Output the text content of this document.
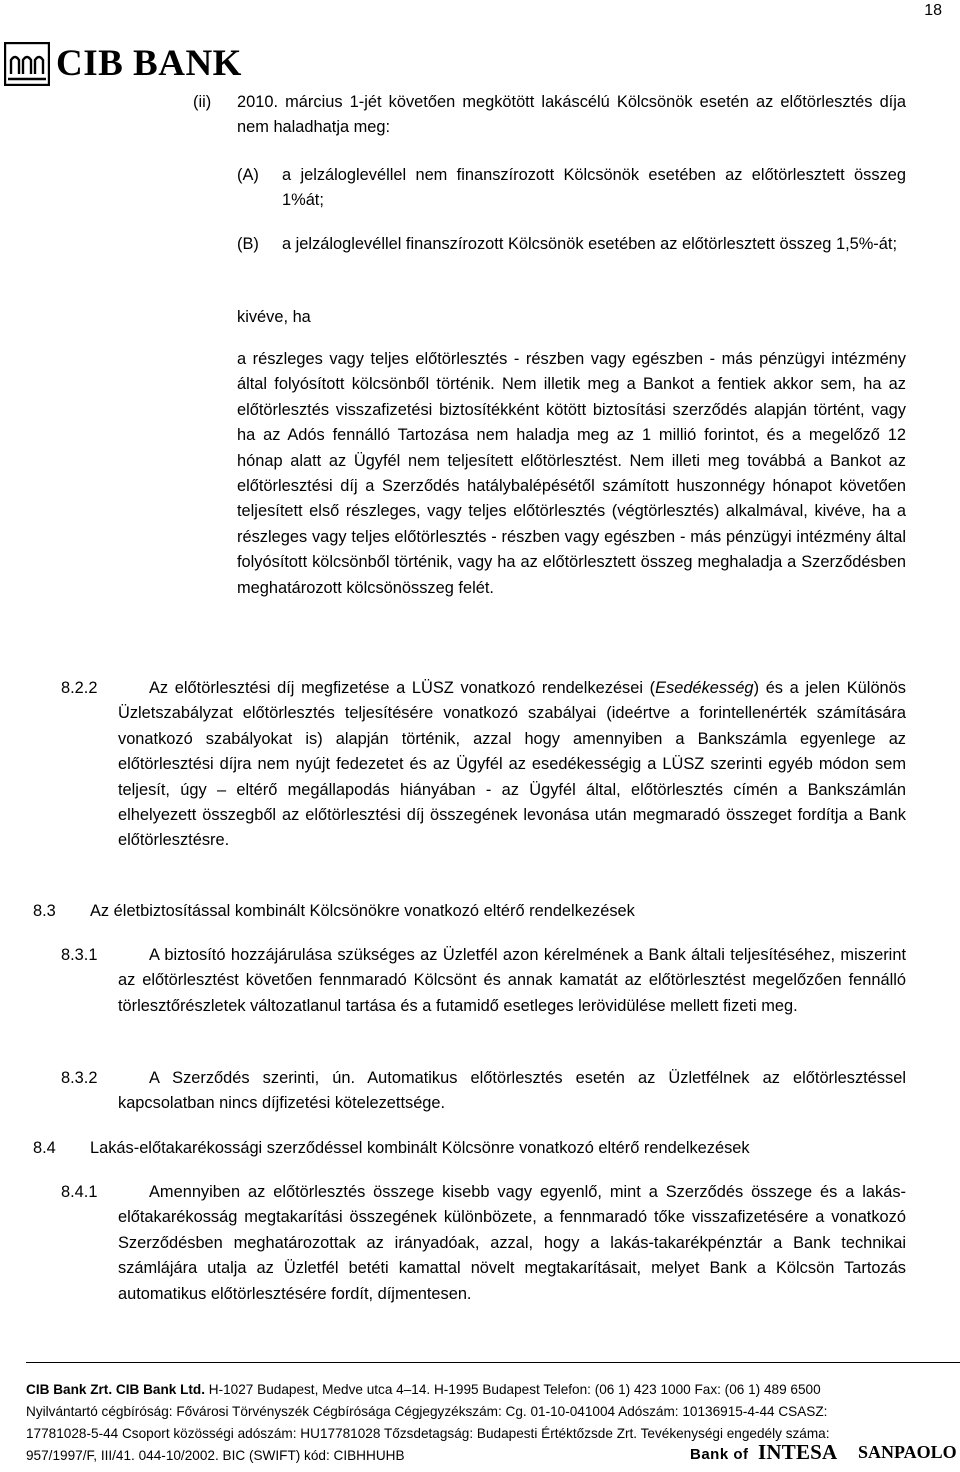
18
CIB BANK
(ii) 2010. március 1-jét követően megkötött lakáscélú Kölcsönök esetén az előtörlesztés díja nem haladhatja meg:
(A) a jelzáloglevéllel nem finanszírozott Kölcsönök esetében az előtörlesztett összeg 1%át;
(B) a jelzáloglevéllel finanszírozott Kölcsönök esetében az előtörlesztett összeg 1,5%-át;
kivéve, ha
a részleges vagy teljes előtörlesztés - részben vagy egészben - más pénzügyi intézmény által folyósított kölcsönből történik. Nem illetik meg a Bankot a fentiek akkor sem, ha az előtörlesztés visszafizetési biztosítékként kötött biztosítási szerződés alapján történt, vagy ha az Adós fennálló Tartozása nem haladja meg az 1 millió forintot, és a megelőző 12 hónap alatt az Ügyfél nem teljesített előtörlesztést. Nem illeti meg továbbá a Bankot az előtörlesztési díj a Szerződés hatálybalépésétől számított huszonnégy hónapot követően teljesített első részleges, vagy teljes előtörlesztés (végtörlesztés) alkalmával, kivéve, ha a részleges vagy teljes előtörlesztés - részben vagy egészben - más pénzügyi intézmény által folyósított kölcsönből történik, vagy ha az előtörlesztett összeg meghaladja a Szerződésben meghatározott kölcsönösszeg felét.
8.2.2	Az előtörlesztési díj megfizetése a LÜSZ vonatkozó rendelkezései (Esedékesség) és a jelen Különös Üzletszabályzat előtörlesztés teljesítésére vonatkozó szabályai (ideértve a forintellenérték számítására vonatkozó szabályokat is) alapján történik, azzal hogy amennyiben a Bankszámla egyenlege az előtörlesztési díjra nem nyújt fedezetet és az Ügyfél az esedékességig a LÜSZ szerinti egyéb módon sem teljesít, úgy – eltérő megállapodás hiányában - az Ügyfél által, előtörlesztés címén a Bankszámlán elhelyezett összegből az előtörlesztési díj összegének levonása után megmaradó összeget fordítja a Bank előtörlesztésre.
8.3 Az életbiztosítással kombinált Kölcsönökre vonatkozó eltérő rendelkezések
8.3.1	A biztosító hozzájárulása szükséges az Üzletfél azon kérelmének a Bank általi teljesítéséhez, miszerint az előtörlesztést követően fennmaradó Kölcsönt és annak kamatát az előtörlesztést megelőzően fennálló törlesztőrészletek változatlanul tartása és a futamidő esetleges lerövidülése mellett fizeti meg.
8.3.2	A Szerződés szerinti, ún. Automatikus előtörlesztés esetén az Üzletfélnek az előtörlesztéssel kapcsolatban nincs díjfizetési kötelezettsége.
8.4 Lakás-előtakarékossági szerződéssel kombinált Kölcsönre vonatkozó eltérő rendelkezések
8.4.1	Amennyiben az előtörlesztés összege kisebb vagy egyenlő, mint a Szerződés összege és a lakás-előtakarékosság megtakarítási összegének különbözete, a fennmaradó tőke visszafizetésére a vonatkozó Szerződésben meghatározottak az irányadóak, azzal, hogy a lakás-takarékpénztár a Bank technikai számlájára utalja az Üzletfél betéti kamattal növelt megtakarításait, melyet Bank a Kölcsön Tartozás automatikus előtörlesztésére fordít, díjmentesen.
CIB Bank Zrt. CIB Bank Ltd. H-1027 Budapest, Medve utca 4–14. H-1995 Budapest Telefon: (06 1) 423 1000 Fax: (06 1) 489 6500
Nyilvántartó cégbíróság: Fővárosi Törvényszék Cégbírósága Cégjegyzékszám: Cg. 01-10-041004 Adószám: 10136915-4-44 CSASZ:
17781028-5-44 Csoport közösségi adószám: HU17781028 Tőzsdetagság: Budapesti Értéktőzsde Zrt. Tevékenységi engedély száma:
957/1997/F, III/41. 044-10/2002. BIC (SWIFT) kód: CIBHHUHB	Bank of INTESA SANPAOLO
